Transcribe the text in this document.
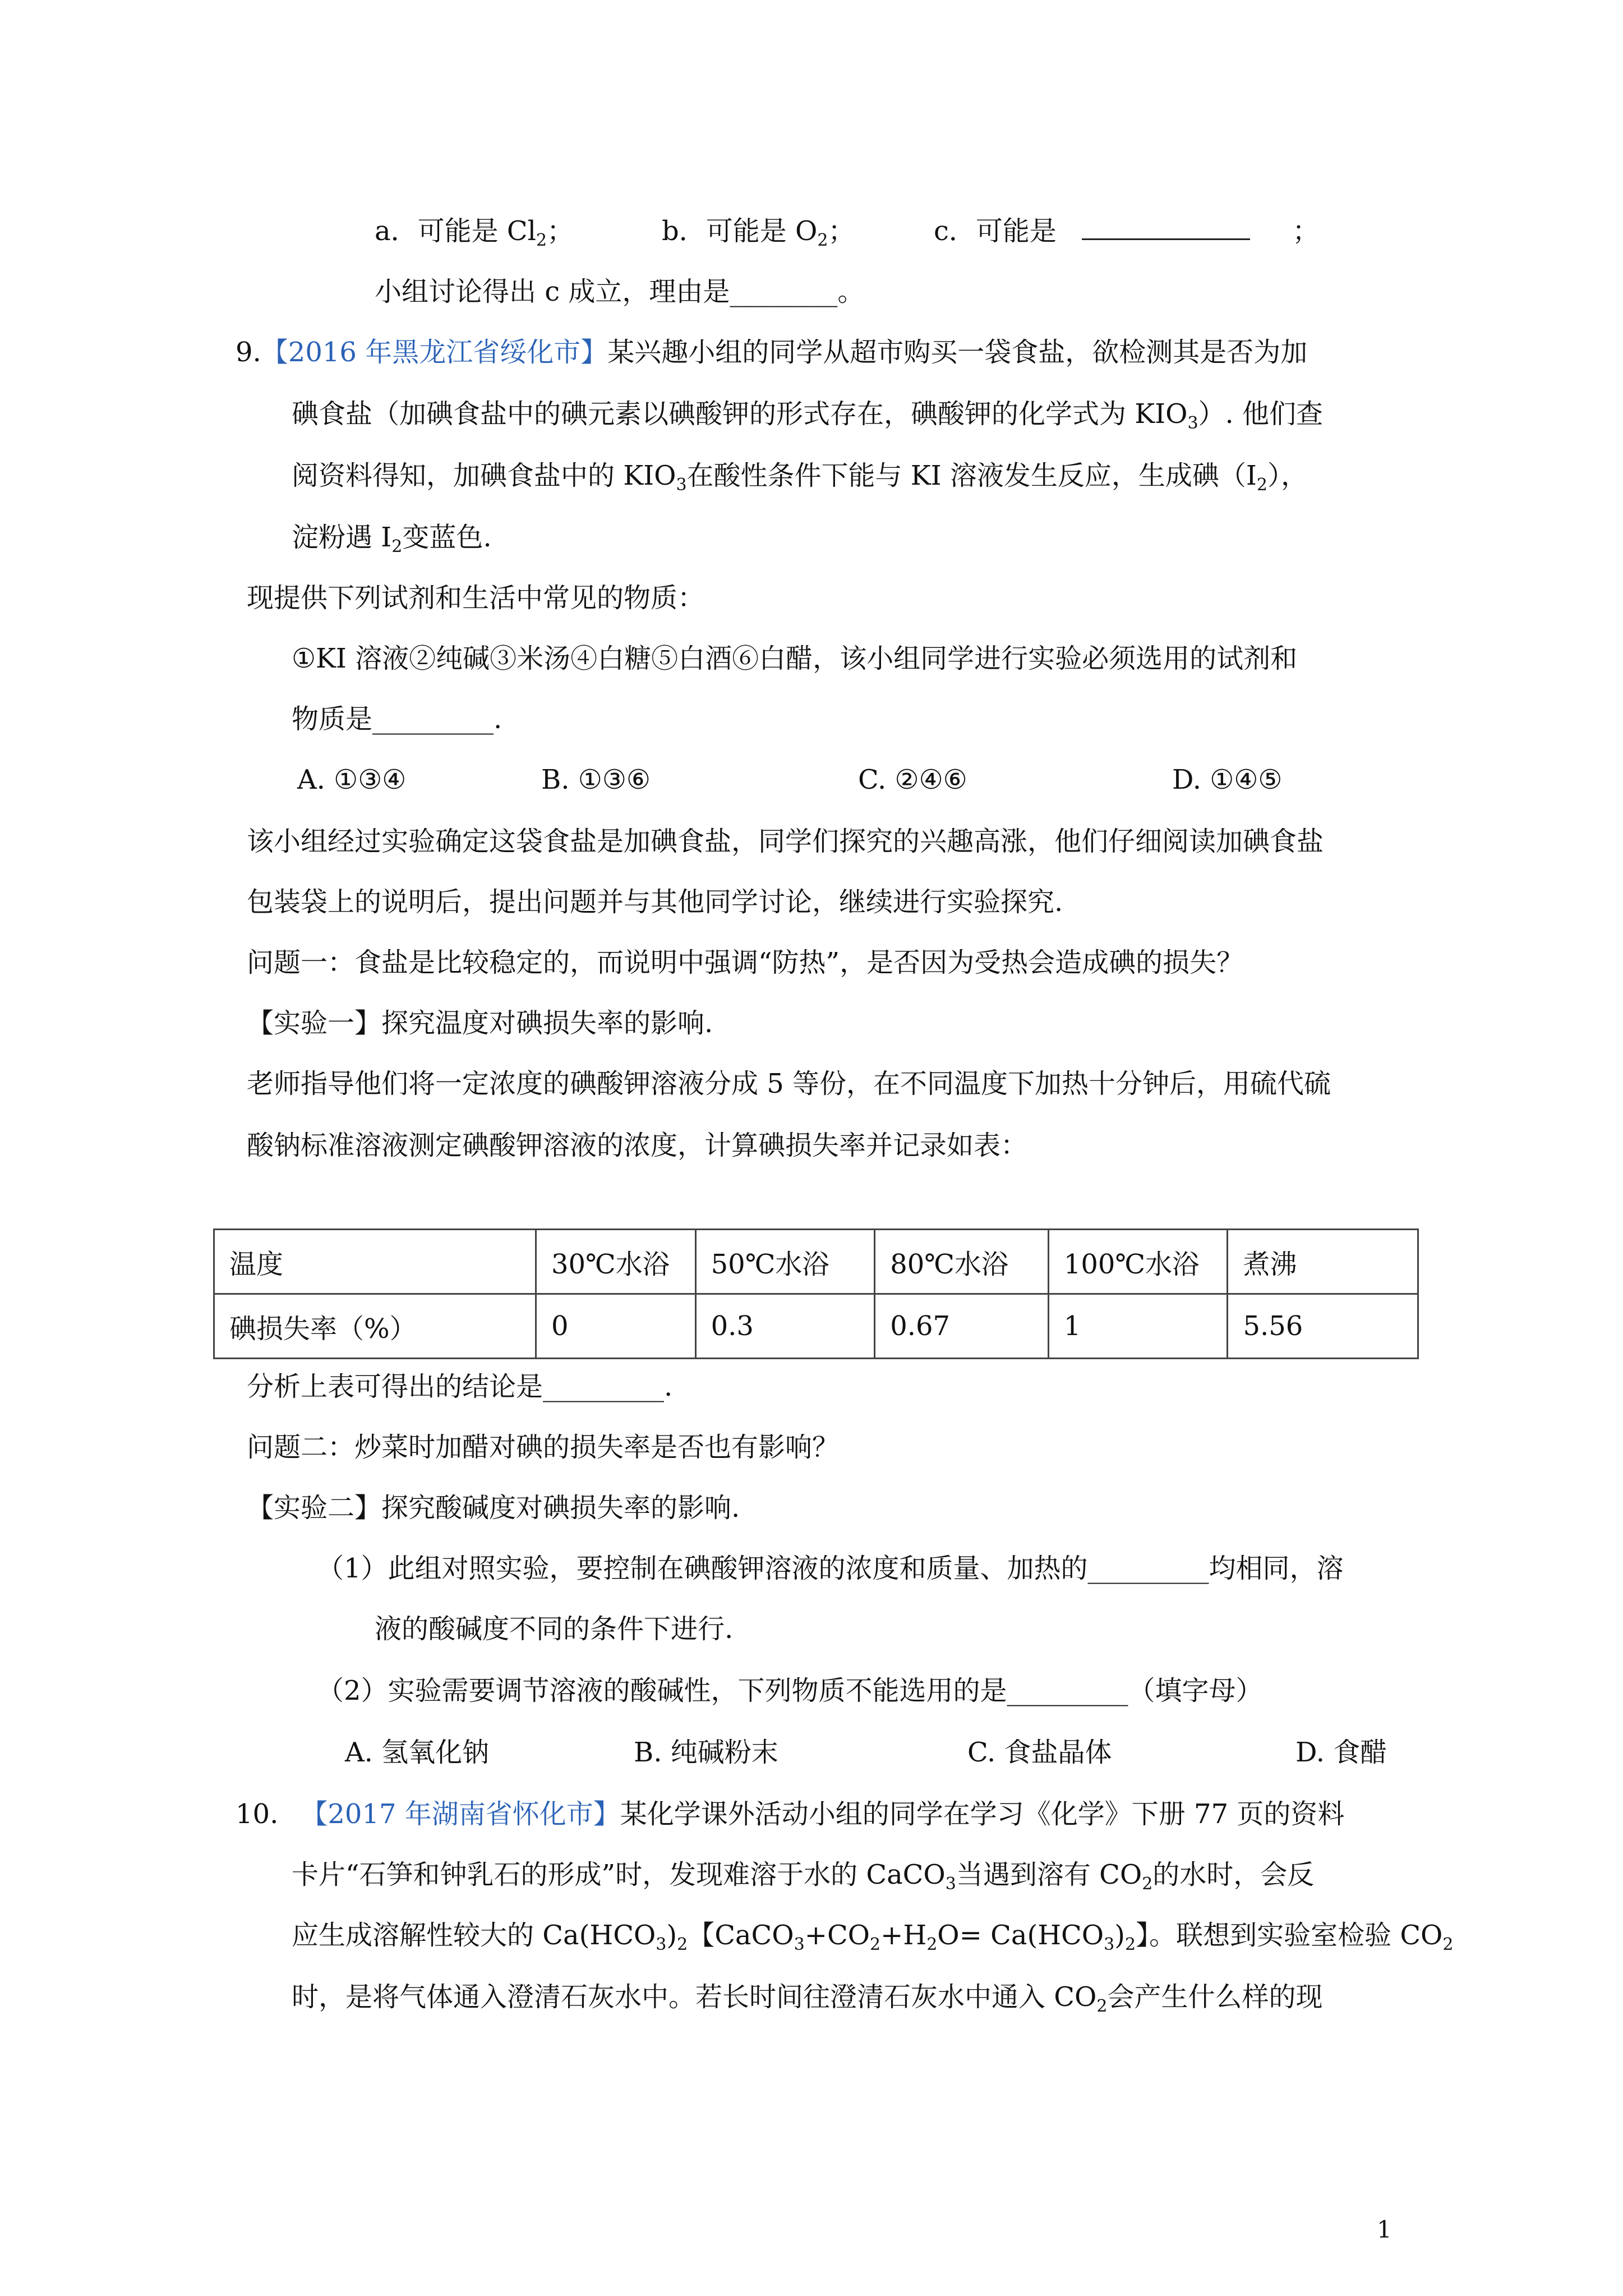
a．可能是 $Cl_2$；	b．可能是 $O_2$；	c．可能是	；
小组讨论得出 c 成立，理由是________。
9.【2016 年黑龙江省绥化市】某兴趣小组的同学从超市购买一袋食盐，欲检测其是否为加
碘食盐（加碘食盐中的碘元素以碘酸钾的形式存在，碘酸钾的化学式为 $KIO_3$）. 他们查
阅资料得知，加碘食盐中的 $KIO_3$在酸性条件下能与 KI 溶液发生反应，生成碘$(I_2)$，
淀粉遇 $I_2$变蓝色.
现提供下列试剂和生活中常见的物质：
①KI 溶液②纯碱③米汤④白糖⑤白酒⑥白醋，该小组同学进行实验必须选用的试剂和
物质是_________.
A. ①③④	B. ①③⑥	C. ②④⑥	D. ①④⑤
该小组经过实验确定这袋食盐是加碘食盐，同学们探究的兴趣高涨，他们仔细阅读加碘食盐
包装袋上的说明后，提出问题并与其他同学讨论，继续进行实验探究.
问题一：食盐是比较稳定的，而说明中强调“防热”，是否因为受热会造成碘的损失？
【实验一】探究温度对碘损失率的影响.
老师指导他们将一定浓度的碘酸钾溶液分成 5 等份，在不同温度下加热十分钟后，用硫代硫
酸钠标准溶液测定碘酸钾溶液的浓度，计算碘损失率并记录如表：
温度	30℃水浴	50℃水浴	80℃水浴	100℃水浴	煮沸
碘损失率（%）	0	0.3	0.67	1	5.56
分析上表可得出的结论是_________.
问题二：炒菜时加醋对碘的损失率是否也有影响？
【实验二】探究酸碱度对碘损失率的影响.
（1）此组对照实验，要控制在碘酸钾溶液的浓度和质量、加热的_________均相同，溶
液的酸碱度不同的条件下进行.
（2）实验需要调节溶液的酸碱性，下列物质不能选用的是_________（填字母）
A. 氢氧化钠	B. 纯碱粉末	C. 食盐晶体	D. 食醋
10. 【2017 年湖南省怀化市】某化学课外活动小组的同学在学习《化学》下册 77 页的资料
卡片“石笋和钟乳石的形成”时，发现难溶于水的 CaCO$_3$当遇到溶有 $CO_2$的水时，会反
应生成溶解性较大的 $Ca(HCO_3)_2$【$CaCO_3+CO_2+H_2O= Ca(HCO_3)_2$】。联想到实验室检验 $CO_2$
时，是将气体通入澄清石灰水中。若长时间往澄清石灰水中通入 $CO_2$会产生什么样的现
1
